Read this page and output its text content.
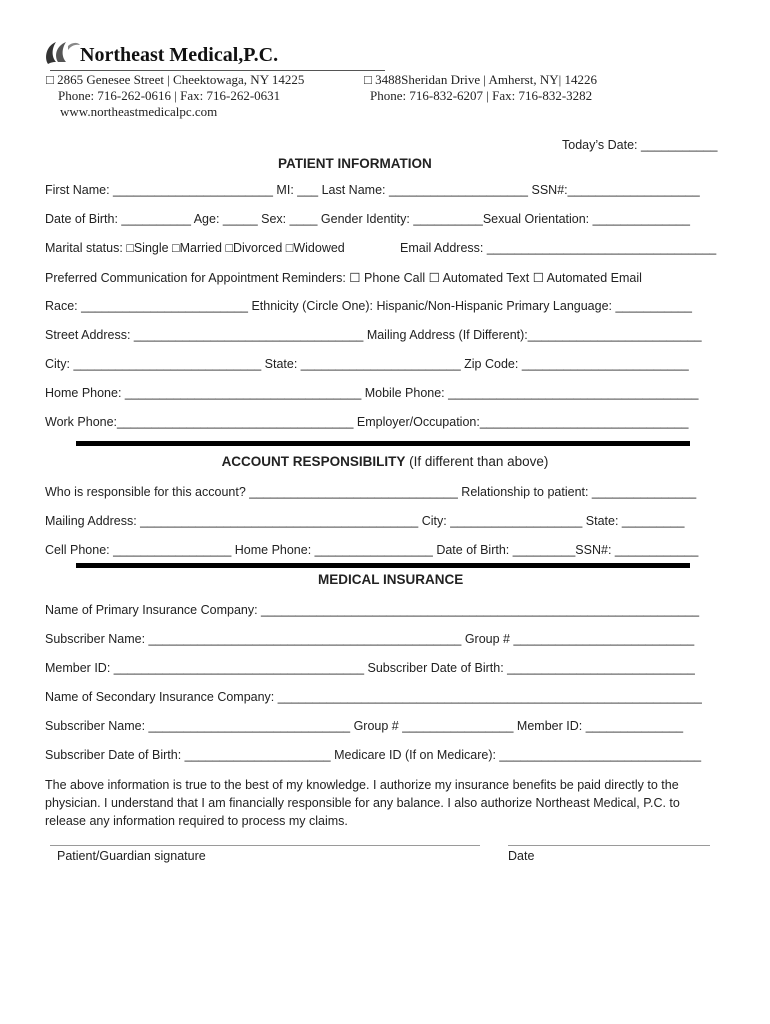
Northeast Medical,P.C.
□ 2865 Genesee Street | Cheektowaga, NY 14225
Phone: 716-262-0616 | Fax: 716-262-0631
www.northeastmedicalpc.com
□ 3488Sheridan Drive | Amherst, NY| 14226
Phone: 716-832-6207 | Fax: 716-832-3282
Today’s Date: ___________
PATIENT INFORMATION
First Name: _______________________ MI: ___ Last Name: ____________________ SSN#:___________________
Date of Birth: __________ Age: _____ Sex: ____ Gender Identity: __________Sexual Orientation: ______________
Marital status: □Single □Married □Divorced □Widowed	Email Address: _________________________________
Preferred Communication for Appointment Reminders: ☐ Phone Call ☐ Automated Text ☐ Automated Email
Race: ________________________ Ethnicity (Circle One): Hispanic/Non-Hispanic Primary Language: ___________
Street Address: _________________________________ Mailing Address (If Different):_________________________
City: ___________________________ State: _______________________ Zip Code: ________________________
Home Phone: __________________________________ Mobile Phone: ____________________________________
Work Phone:__________________________________ Employer/Occupation:______________________________
ACCOUNT RESPONSIBILITY (If different than above)
Who is responsible for this account? ______________________________ Relationship to patient: _______________
Mailing Address: ________________________________________ City: ___________________ State: _________
Cell Phone: _________________ Home Phone: _________________ Date of Birth: _________SSN#: ____________
MEDICAL INSURANCE
Name of Primary Insurance Company: _______________________________________________________________
Subscriber Name: _____________________________________________ Group # __________________________
Member ID: ____________________________________ Subscriber Date of Birth: ___________________________
Name of Secondary Insurance Company: _____________________________________________________________
Subscriber Name: _____________________________ Group # ________________ Member ID: ______________
Subscriber Date of Birth: _____________________ Medicare ID (If on Medicare): _____________________________
The above information is true to the best of my knowledge. I authorize my insurance benefits be paid directly to the
physician. I understand that I am financially responsible for any balance. I also authorize Northeast Medical, P.C. to
release any information required to process my claims.
Patient/Guardian signature	Date
